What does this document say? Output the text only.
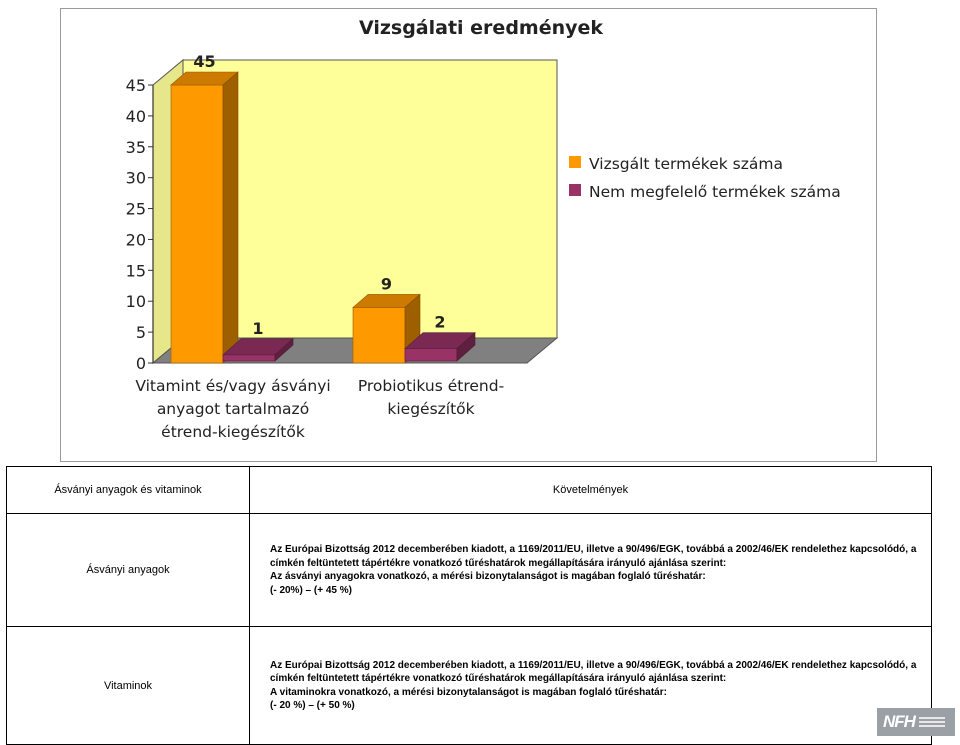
Vizsgálati eredmények
0
5
10
15
20
25
30
35
40
45
45
1
9
2
Vitamint és/vagy ásványi
anyagot tartalmazó
étrend-kiegészítők
Probiotikus étrend-
kiegészítők
Vizsgált termékek száma
Nem megfelelő termékek száma
Ásványi anyagok és vitaminok	Követelmények
Ásványi anyagok	Az Európai Bizottság 2012 decemberében kiadott, a 1169/2011/EU, illetve a 90/496/EGK, továbbá a 2002/46/EK rendelethez kapcsolódó, a címkén feltüntetett tápértékre vonatkozó tűréshatárok megállapítására irányuló ajánlása szerint:

Az ásványi anyagokra vonatkozó, a mérési bizonytalanságot is magában foglaló tűréshatár:

(- 20%) – (+ 45 %)

Vitaminok	Az Európai Bizottság 2012 decemberében kiadott, a 1169/2011/EU, illetve a 90/496/EGK, továbbá a 2002/46/EK rendelethez kapcsolódó, a címkén feltüntetett tápértékre vonatkozó tűréshatárok megállapítására irányuló ajánlása szerint:

A vitaminokra vonatkozó, a mérési bizonytalanságot is magában foglaló tűréshatár:

(- 20 %) – (+ 50 %)

NFH
